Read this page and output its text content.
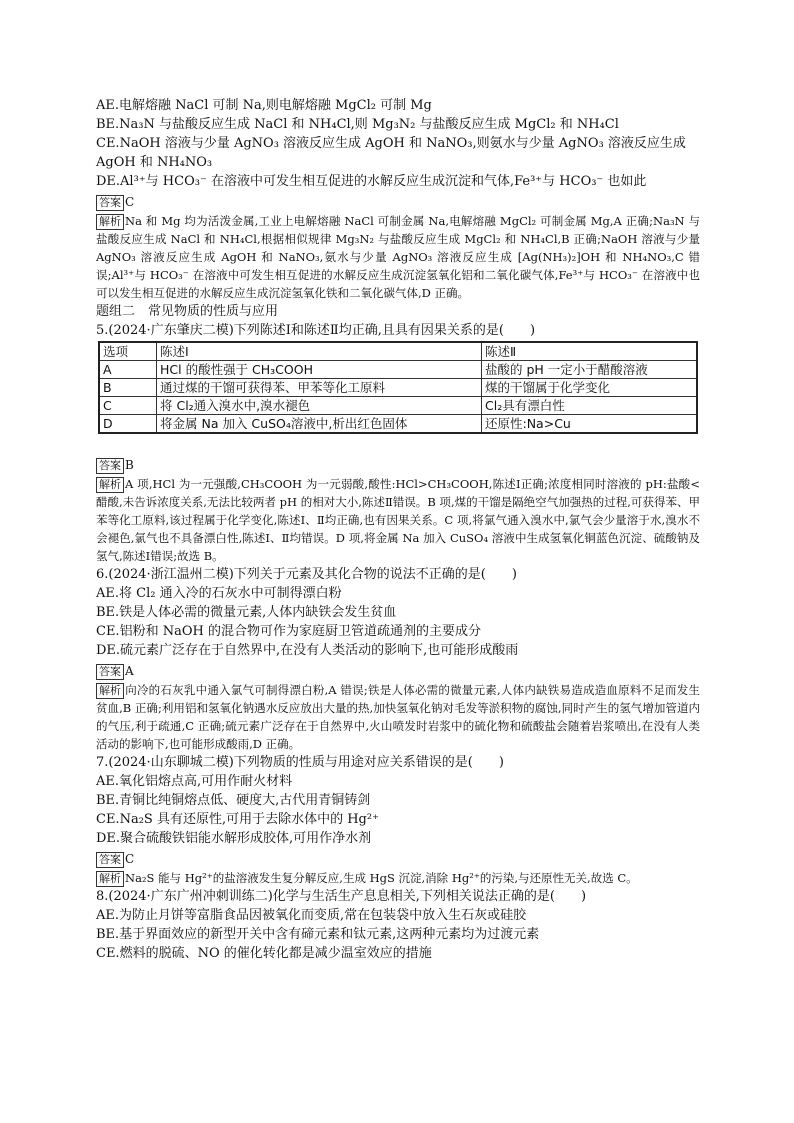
AE.电解熔融 NaCl 可制 Na,则电解熔融 MgCl₂ 可制 Mg
BE.Na₃N 与盐酸反应生成 NaCl 和 NH₄Cl,则 Mg₃N₂ 与盐酸反应生成 MgCl₂ 和 NH₄Cl
CE.NaOH 溶液与少量 AgNO₃ 溶液反应生成 AgOH 和 NaNO₃,则氨水与少量 AgNO₃ 溶液反应生成
AgOH 和 NH₄NO₃
DE.Al³⁺与 HCO₃⁻ 在溶液中可发生相互促进的水解反应生成沉淀和气体,Fe³⁺与 HCO₃⁻ 也如此
答案 C
解析 Na 和 Mg 均为活泼金属,工业上电解熔融 NaCl 可制金属 Na,电解熔融 MgCl₂ 可制金属 Mg,A 正确;Na₃N 与盐酸反应生成 NaCl 和 NH₄Cl,根据相似规律 Mg₃N₂ 与盐酸反应生成 MgCl₂ 和 NH₄Cl,B 正确;NaOH 溶液与少量 AgNO₃ 溶液反应生成 AgOH 和 NaNO₃,氨水与少量 AgNO₃ 溶液反应生成 [Ag(NH₃)₂]OH 和 NH₄NO₃,C 错误;Al³⁺与 HCO₃⁻ 在溶液中可发生相互促进的水解反应生成沉淀氢氧化铝和二氧化碳气体,Fe³⁺与 HCO₃⁻ 在溶液中也可以发生相互促进的水解反应生成沉淀氢氧化铁和二氧化碳气体,D 正确。
题组二　常见物质的性质与应用
5.(2024·广东肇庆二模)下列陈述Ⅰ和陈述Ⅱ均正确,且具有因果关系的是(　　)
选项	陈述Ⅰ	陈述Ⅱ
A	HCl 的酸性强于 CH₃COOH	盐酸的 pH 一定小于醋酸溶液
B	通过煤的干馏可获得苯、甲苯等化工原料	煤的干馏属于化学变化
C	将 Cl₂通入溴水中,溴水褪色	Cl₂具有漂白性
D	将金属 Na 加入 CuSO₄溶液中,析出红色固体	还原性:Na>Cu
答案 B
解析 A 项,HCl 为一元强酸,CH₃COOH 为一元弱酸,酸性:HCl>CH₃COOH,陈述Ⅰ正确;浓度相同时溶液的 pH:盐酸<醋酸,未告诉浓度关系,无法比较两者 pH 的相对大小,陈述Ⅱ错误。B 项,煤的干馏是隔绝空气加强热的过程,可获得苯、甲苯等化工原料,该过程属于化学变化,陈述Ⅰ、Ⅱ均正确,也有因果关系。C 项,将氯气通入溴水中,氯气会少量溶于水,溴水不会褪色,氯气也不具备漂白性,陈述Ⅰ、Ⅱ均错误。D 项,将金属 Na 加入 CuSO₄ 溶液中生成氢氧化铜蓝色沉淀、硫酸钠及氢气,陈述Ⅰ错误;故选 B。
6.(2024·浙江温州二模)下列关于元素及其化合物的说法不正确的是(　　)
AE.将 Cl₂ 通入冷的石灰水中可制得漂白粉
BE.铁是人体必需的微量元素,人体内缺铁会发生贫血
CE.铝粉和 NaOH 的混合物可作为家庭厨卫管道疏通剂的主要成分
DE.硫元素广泛存在于自然界中,在没有人类活动的影响下,也可能形成酸雨
答案 A
解析 向冷的石灰乳中通入氯气可制得漂白粉,A 错误;铁是人体必需的微量元素,人体内缺铁易造成造血原料不足而发生贫血,B 正确;利用铝和氢氧化钠遇水反应放出大量的热,加快氢氧化钠对毛发等淤积物的腐蚀,同时产生的氢气增加管道内的气压,利于疏通,C 正确;硫元素广泛存在于自然界中,火山喷发时岩浆中的硫化物和硫酸盐会随着岩浆喷出,在没有人类活动的影响下,也可能形成酸雨,D 正确。
7.(2024·山东聊城二模)下列物质的性质与用途对应关系错误的是(　　)
AE.氧化铝熔点高,可用作耐火材料
BE.青铜比纯铜熔点低、硬度大,古代用青铜铸剑
CE.Na₂S 具有还原性,可用于去除水体中的 Hg²⁺
DE.聚合硫酸铁铝能水解形成胶体,可用作净水剂
答案 C
解析 Na₂S 能与 Hg²⁺的盐溶液发生复分解反应,生成 HgS 沉淀,消除 Hg²⁺的污染,与还原性无关,故选 C。
8.(2024·广东广州冲刺训练二)化学与生活生产息息相关,下列相关说法正确的是(　　)
AE.为防止月饼等富脂食品因被氧化而变质,常在包装袋中放入生石灰或硅胶
BE.基于界面效应的新型开关中含有碲元素和钛元素,这两种元素均为过渡元素
CE.燃料的脱硫、NO 的催化转化都是减少温室效应的措施
